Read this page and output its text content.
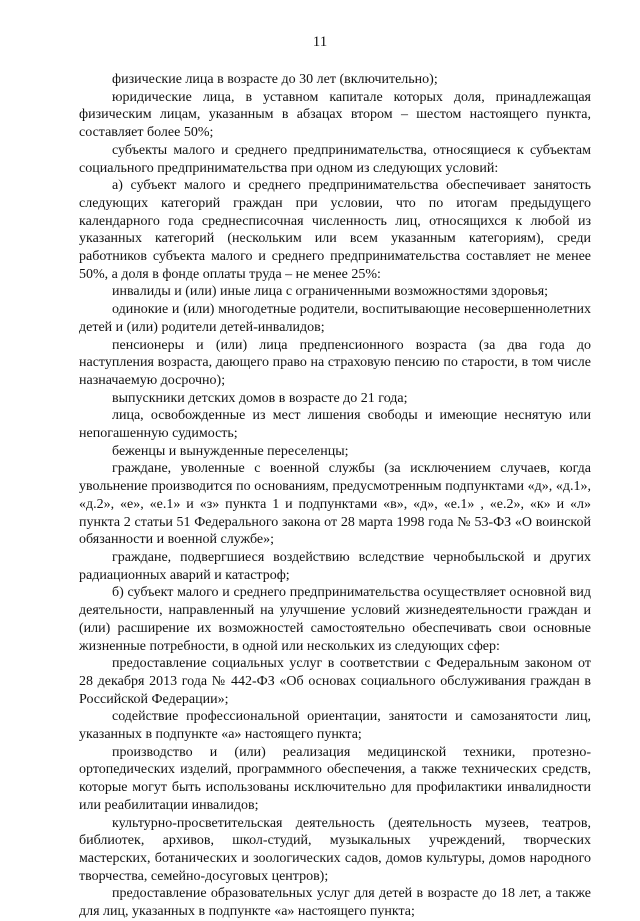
11

физические лица в возрасте до 30 лет (включительно);

юридические лица, в уставном капитале которых доля, принадлежащая физическим лицам, указанным в абзацах втором – шестом настоящего пункта, составляет более 50%;

субъекты малого и среднего предпринимательства, относящиеся к субъектам социального предпринимательства при одном из следующих условий:

а) субъект малого и среднего предпринимательства обеспечивает занятость следующих категорий граждан при условии, что по итогам предыдущего календарного года среднесписочная численность лиц, относящихся к любой из указанных категорий (нескольким или всем указанным категориям), среди работников субъекта малого и среднего предпринимательства составляет не менее 50%, а доля в фонде оплаты труда – не менее 25%:

инвалиды и (или) иные лица с ограниченными возможностями здоровья;

одинокие и (или) многодетные родители, воспитывающие несовершеннолетних детей и (или) родители детей-инвалидов;

пенсионеры и (или) лица предпенсионного возраста (за два года до наступления возраста, дающего право на страховую пенсию по старости, в том числе назначаемую досрочно);

выпускники детских домов в возрасте до 21 года;

лица, освобожденные из мест лишения свободы и имеющие неснятую или непогашенную судимость;

беженцы и вынужденные переселенцы;

граждане, уволенные с военной службы (за исключением случаев, когда увольнение производится по основаниям, предусмотренным подпунктами «д», «д.1», «д.2», «е», «е.1» и «з» пункта 1 и подпунктами «в», «д», «е.1» , «е.2», «к» и «л» пункта 2 статьи 51 Федерального закона от 28 марта 1998 года № 53-ФЗ «О воинской обязанности и военной службе»;

граждане, подвергшиеся воздействию вследствие чернобыльской и других радиационных аварий и катастроф;

б) субъект малого и среднего предпринимательства осуществляет основной вид деятельности, направленный на улучшение условий жизнедеятельности граждан и (или) расширение их возможностей самостоятельно обеспечивать свои основные жизненные потребности, в одной или нескольких из следующих сфер:

предоставление социальных услуг в соответствии с Федеральным законом от 28 декабря 2013 года № 442-ФЗ «Об основах социального обслуживания граждан в Российской Федерации»;

содействие профессиональной ориентации, занятости и самозанятости лиц, указанных в подпункте «а» настоящего пункта;

производство и (или) реализация медицинской техники, протезно-ортопедических изделий, программного обеспечения, а также технических средств, которые могут быть использованы исключительно для профилактики инвалидности или реабилитации инвалидов;

культурно-просветительская деятельность (деятельность музеев, театров, библиотек, архивов, школ-студий, музыкальных учреждений, творческих мастерских, ботанических и зоологических садов, домов культуры, домов народного творчества, семейно-досуговых центров);

предоставление образовательных услуг для детей в возрасте до 18 лет, а также для лиц, указанных в подпункте «а» настоящего пункта;
